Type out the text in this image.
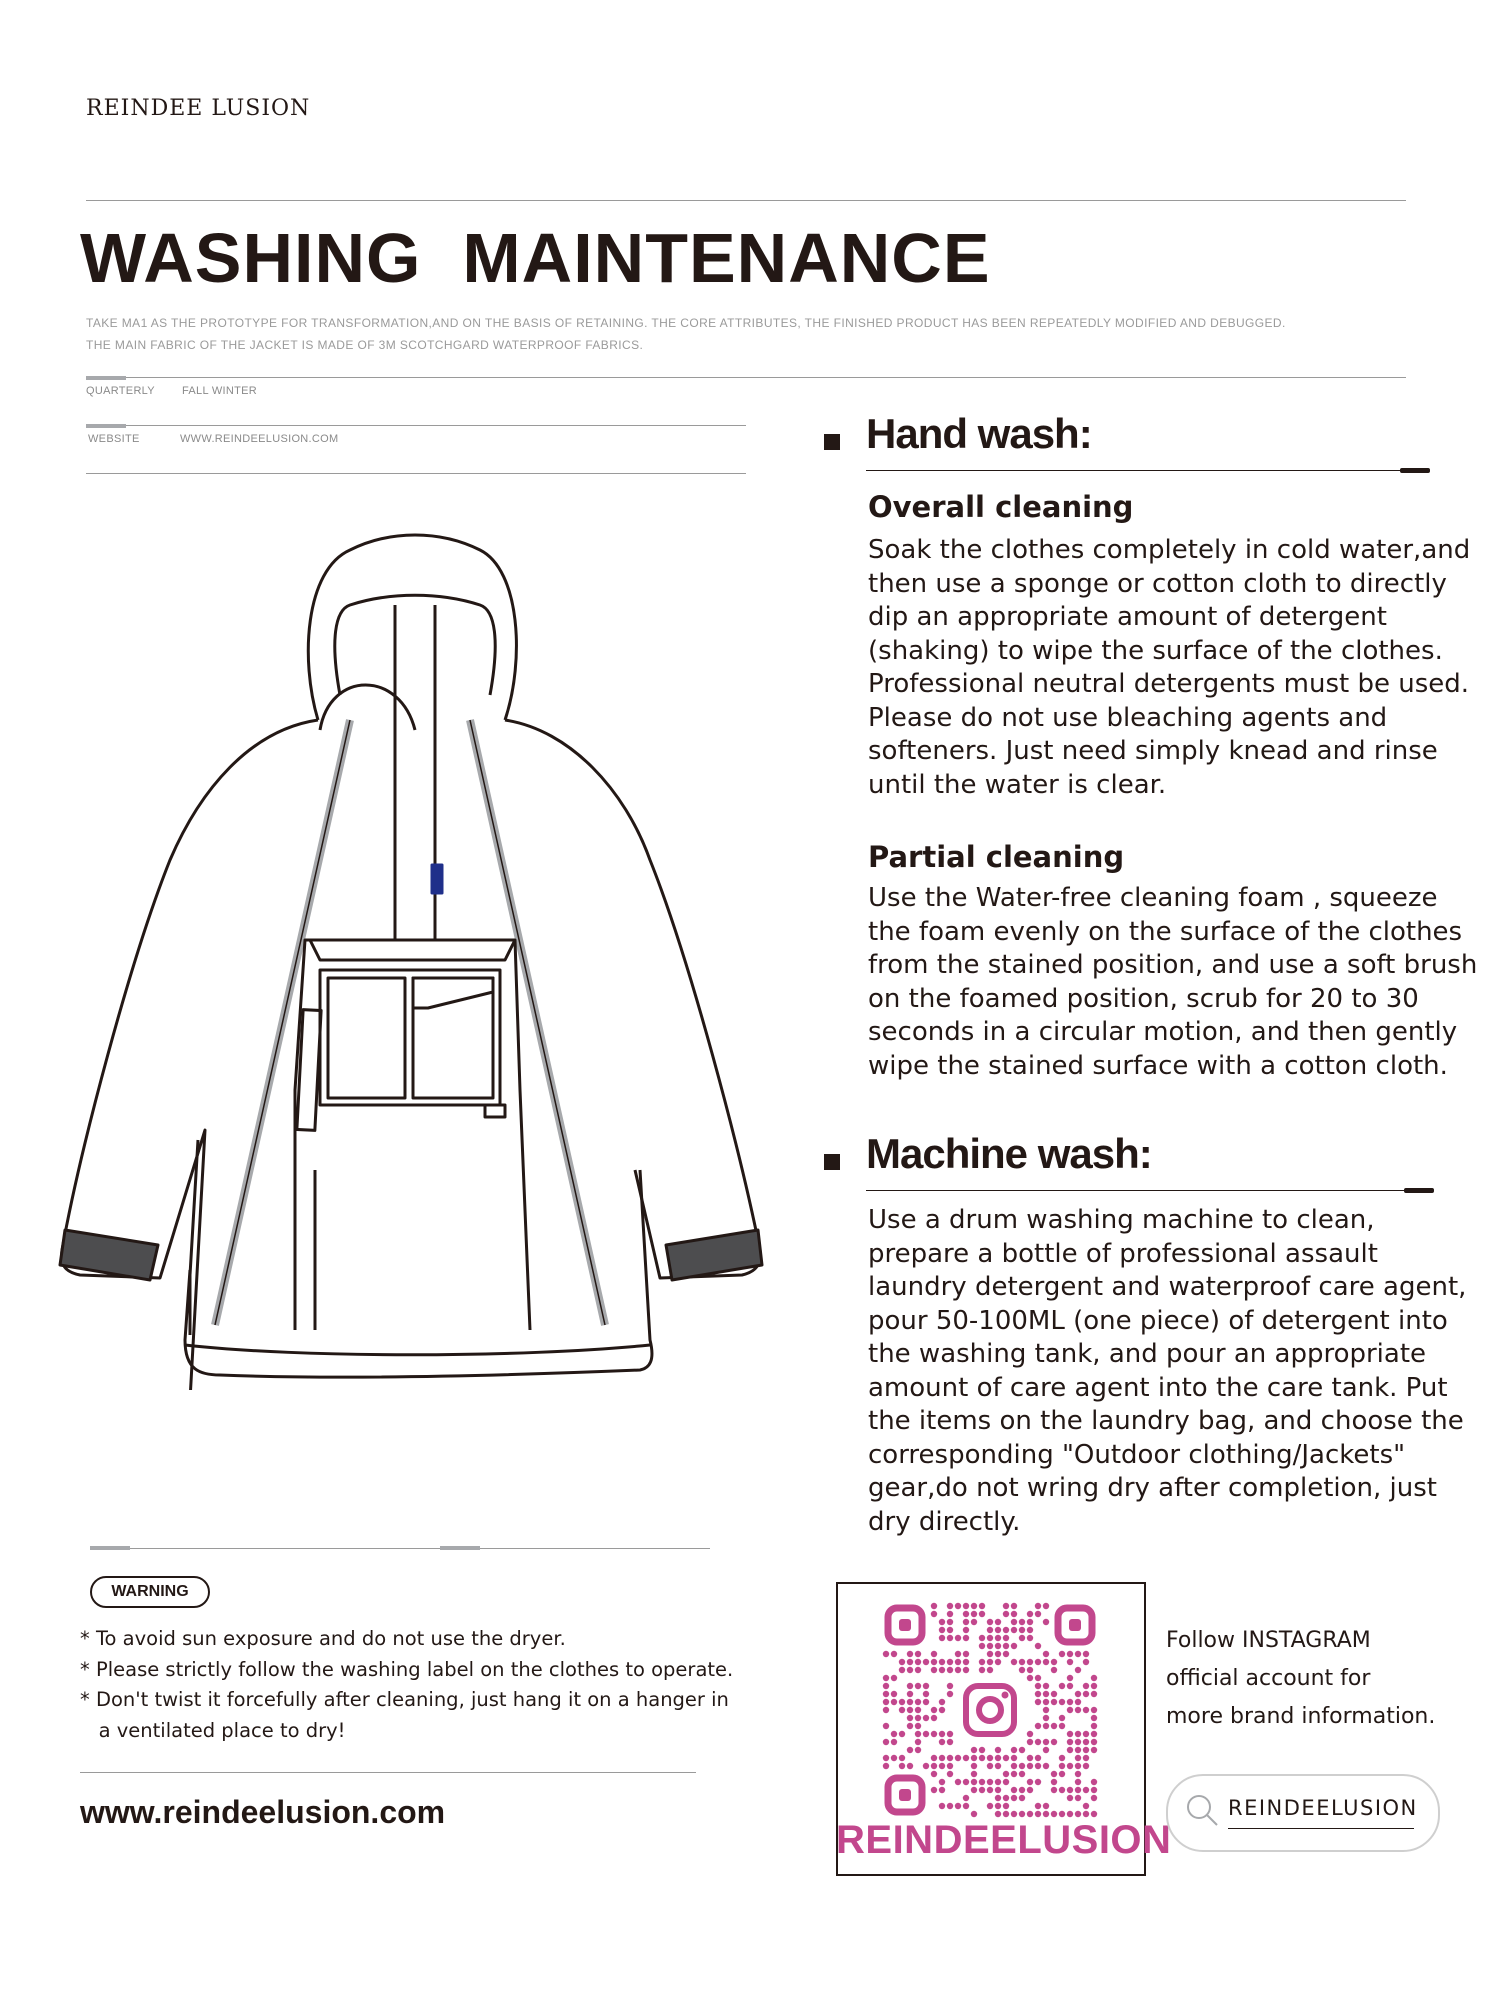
REINDEE LUSION
WASHING  MAINTENANCE
TAKE MA1 AS THE PROTOTYPE FOR TRANSFORMATION,AND ON THE BASIS OF RETAINING. THE CORE ATTRIBUTES, THE FINISHED PRODUCT HAS BEEN REPEATEDLY MODIFIED AND DEBUGGED.
THE MAIN FABRIC OF THE JACKET IS MADE OF 3M SCOTCHGARD WATERPROOF FABRICS.
QUARTERLY FALL WINTER
WEBSITE	WWW.REINDEELUSION.COM
WARNING
* To avoid sun exposure and do not use the dryer.
* Please strictly follow the washing label on the clothes to operate.
* Don't twist it forcefully after cleaning, just hang it on a hanger in
a ventilated place to dry!
www.reindeelusion.com
Hand wash:
Overall cleaning
Soak the clothes completely in cold water,and then use a sponge or cotton cloth to directly dip an appropriate amount of detergent (shaking) to wipe the surface of the clothes. Professional neutral detergents must be used. Please do not use bleaching agents and softeners. Just need simply knead and rinse until the water is clear.
Partial cleaning
Use the Water-free cleaning foam , squeeze the foam evenly on the surface of the clothes from the stained position, and use a soft brush on the foamed position, scrub for 20 to 30 seconds in a circular motion, and then gently wipe the stained surface with a cotton cloth.
Machine wash:
Use a drum washing machine to clean, prepare a bottle of professional assault laundry detergent and waterproof care agent, pour 50-100ML (one piece) of detergent into the washing tank, and pour an appropriate amount of care agent into the care tank. Put the items on the laundry bag, and choose the corresponding "Outdoor clothing/Jackets" gear,do not wring dry after completion, just dry directly.
REINDEELUSION
Follow INSTAGRAM
official account for
more brand information.
REINDEELUSION
